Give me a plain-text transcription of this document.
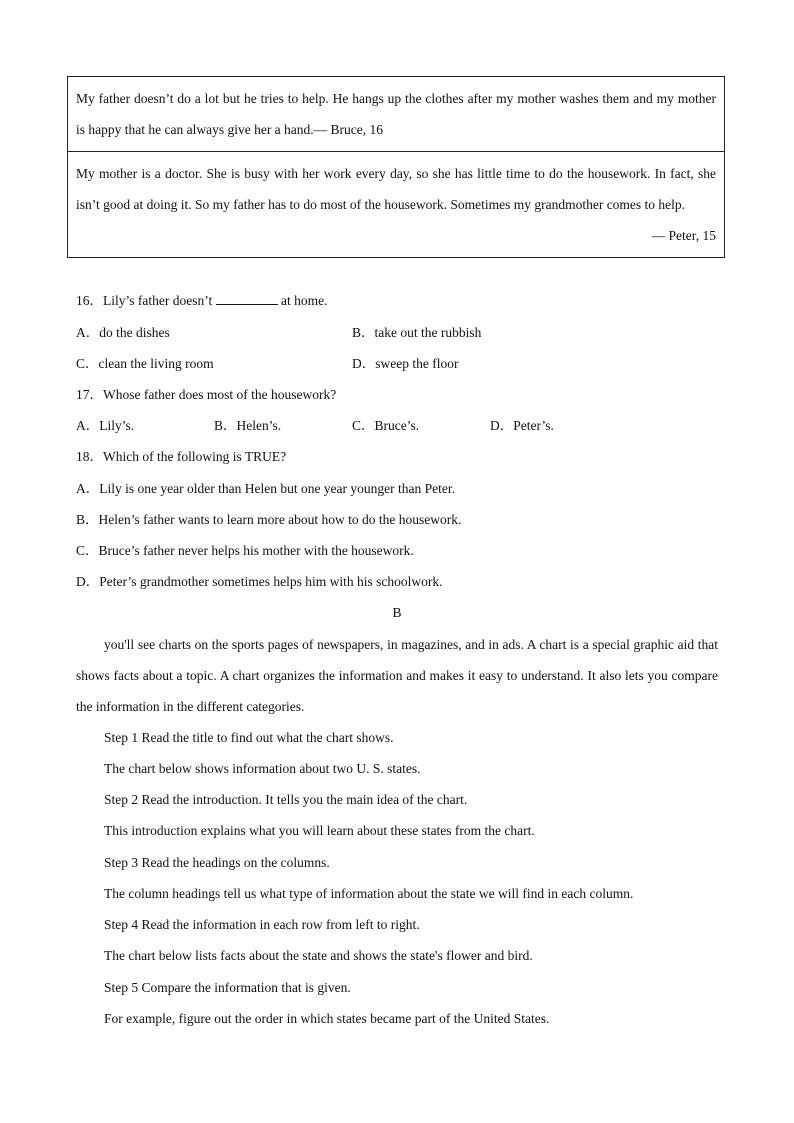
My father doesn’t do a lot but he tries to help. He hangs up the clothes after my mother washes them and my mother is happy that he can always give her a hand.— Bruce, 16
My mother is a doctor. She is busy with her work every day, so she has little time to do the housework. In fact, she isn’t good at doing it. So my father has to do most of the housework. Sometimes my grandmother comes to help.
— Peter, 15
16．Lily’s father doesn’t	at home.
A．do the dishes	B．take out the rubbish
C．clean the living room	D．sweep the floor
17．Whose father does most of the housework?
A．Lily’s.	B．Helen’s.	C．Bruce’s.	D．Peter’s.
18．Which of the following is TRUE?
A．Lily is one year older than Helen but one year younger than Peter.
B．Helen’s father wants to learn more about how to do the housework.
C．Bruce’s father never helps his mother with the housework.
D．Peter’s grandmother sometimes helps him with his schoolwork.
B
you'll see charts on the sports pages of newspapers, in magazines, and in ads. A chart is a special graphic aid that shows facts about a topic. A chart organizes the information and makes it easy to understand. It also lets you compare the information in the different categories.
Step 1 Read the title to find out what the chart shows.
The chart below shows information about two U. S. states.
Step 2 Read the introduction. It tells you the main idea of the chart.
This introduction explains what you will learn about these states from the chart.
Step 3 Read the headings on the columns.
The column headings tell us what type of information about the state we will find in each column.
Step 4 Read the information in each row from left to right.
The chart below lists facts about the state and shows the state's flower and bird.
Step 5 Compare the information that is given.
For example, figure out the order in which states became part of the United States.
